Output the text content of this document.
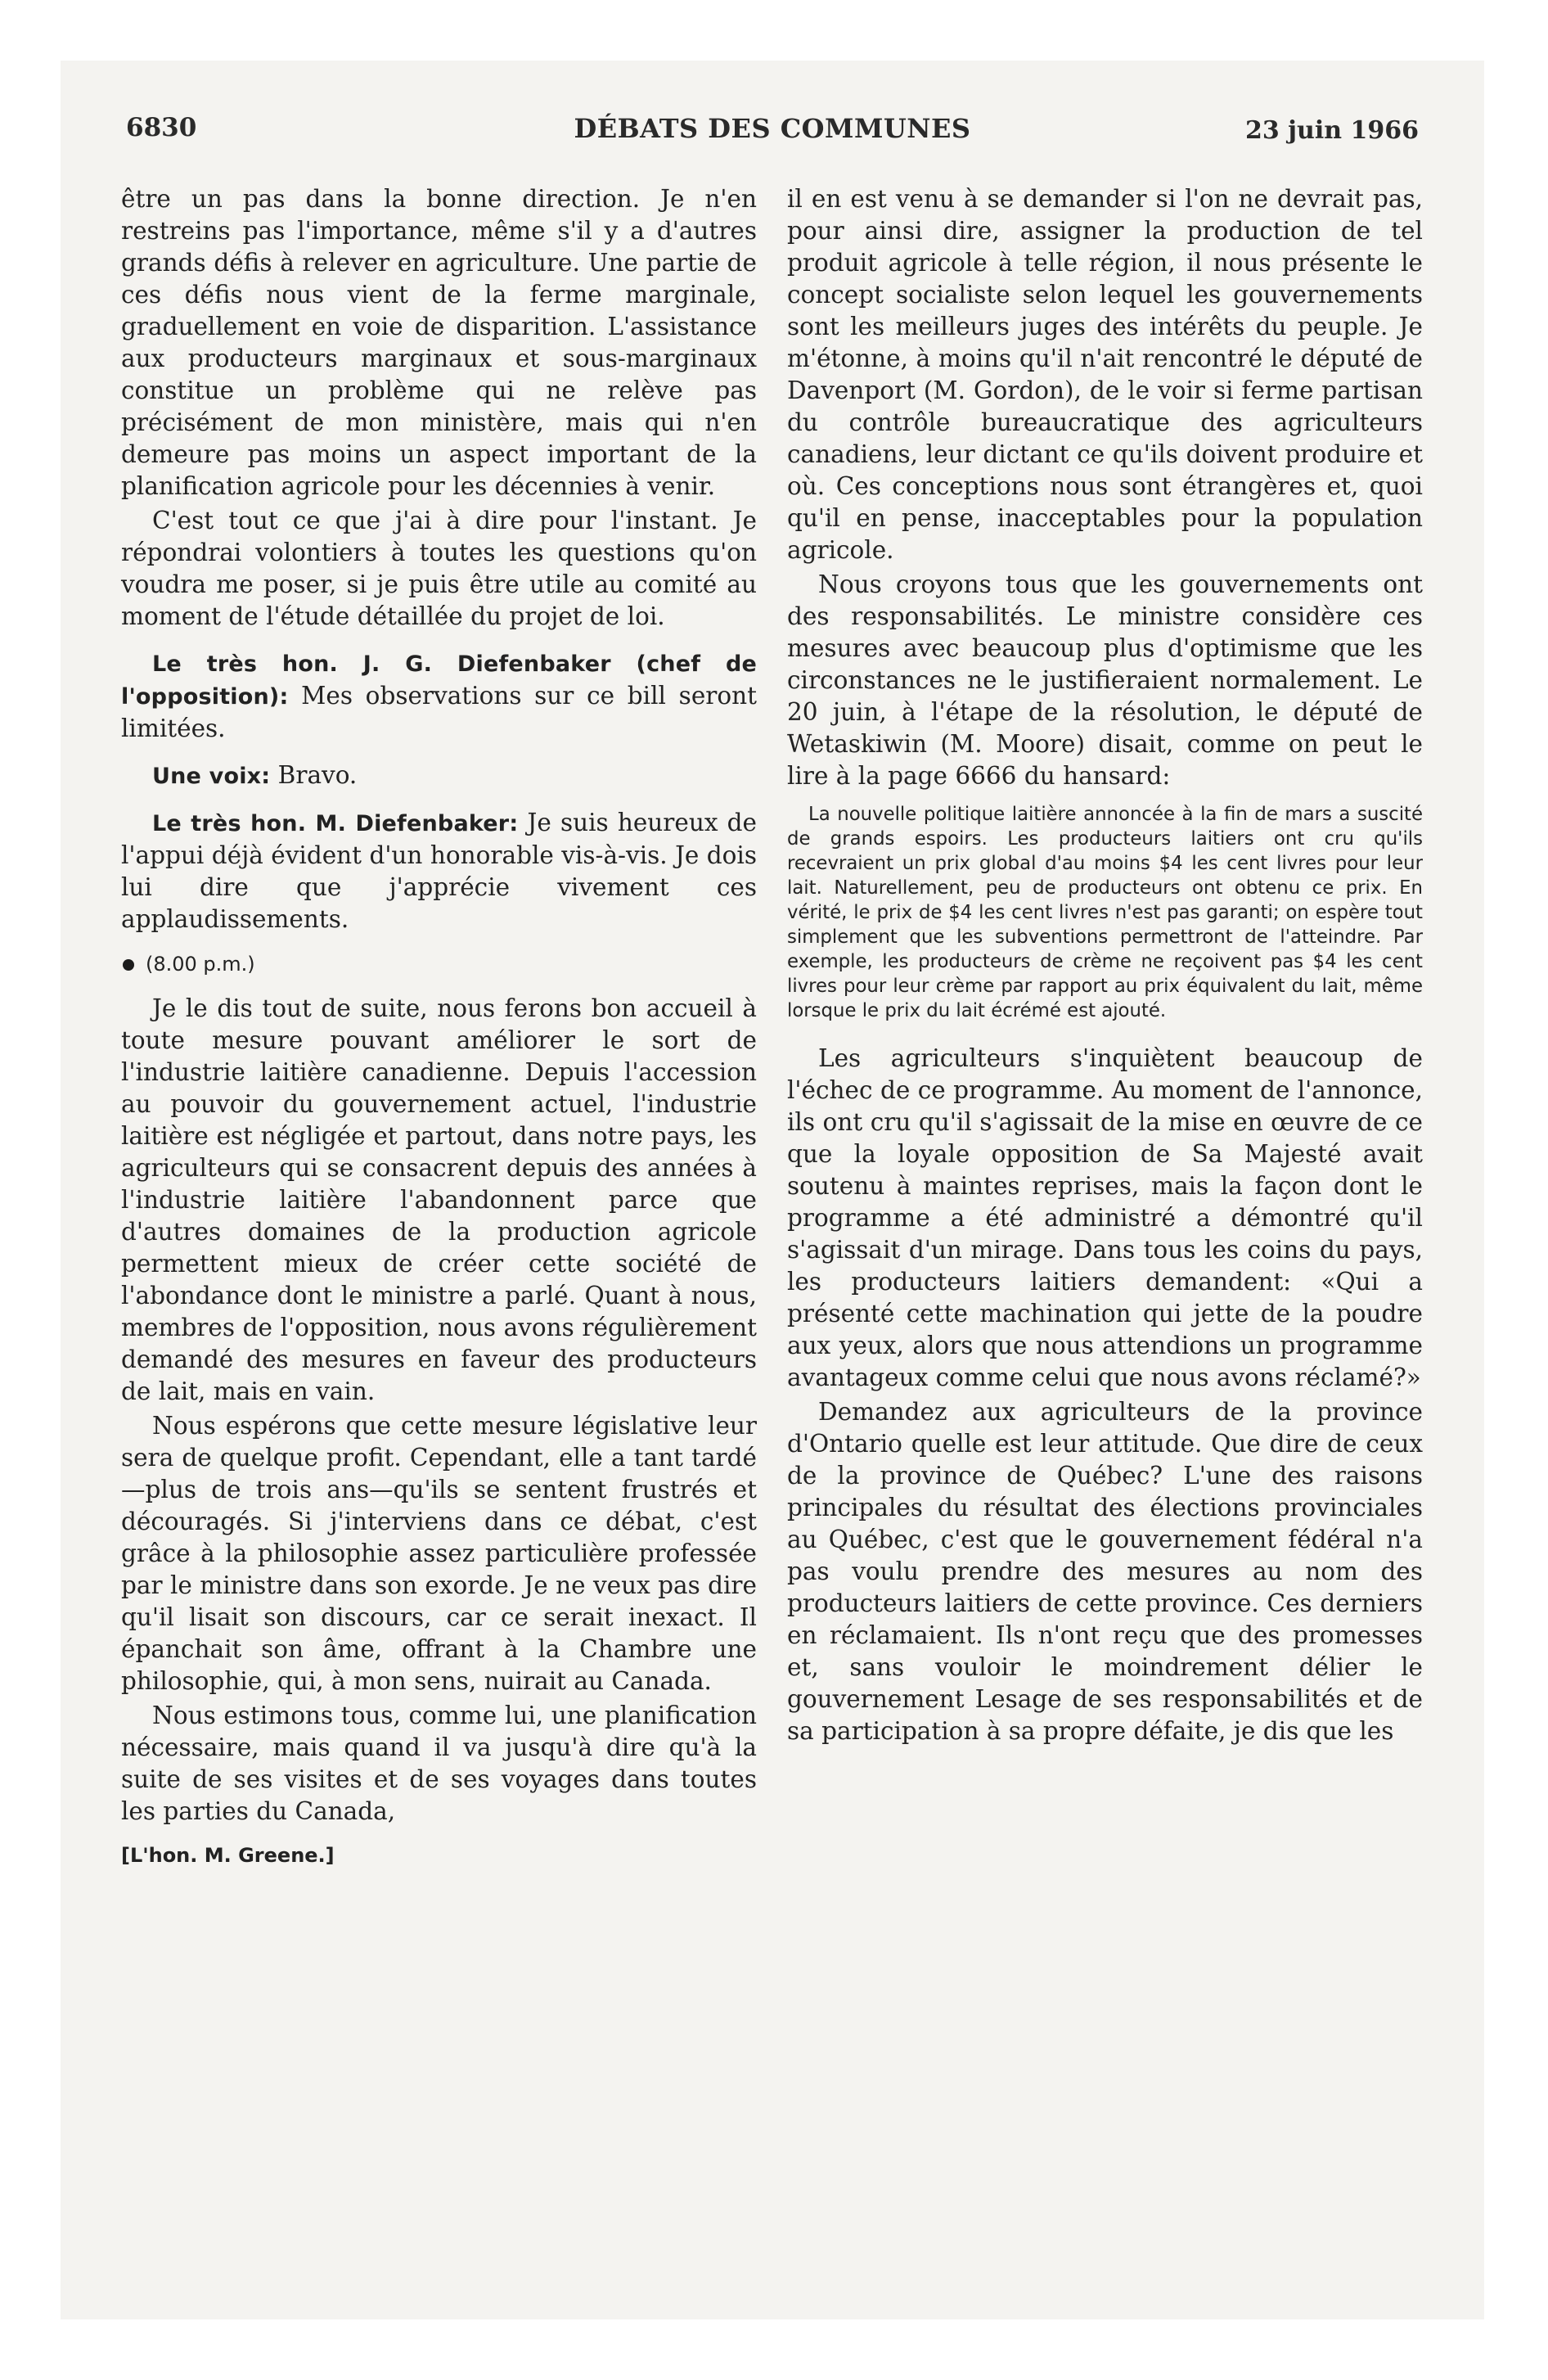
6830	DÉBATS DES COMMUNES	23 juin 1966

être un pas dans la bonne direction. Je n'en restreins pas l'importance, même s'il y a d'autres grands défis à relever en agriculture. Une partie de ces défis nous vient de la ferme marginale, graduellement en voie de disparition. L'assistance aux producteurs marginaux et sous-marginaux constitue un problème qui ne relève pas précisément de mon ministère, mais qui n'en demeure pas moins un aspect important de la planification agricole pour les décennies à venir.

C'est tout ce que j'ai à dire pour l'instant. Je répondrai volontiers à toutes les questions qu'on voudra me poser, si je puis être utile au comité au moment de l'étude détaillée du projet de loi.

Le très hon. J. G. Diefenbaker (chef de l'opposition): Mes observations sur ce bill seront limitées.

Une voix: Bravo.

Le très hon. M. Diefenbaker: Je suis heureux de l'appui déjà évident d'un honorable vis-à-vis. Je dois lui dire que j'apprécie vivement ces applaudissements.

(8.00 p.m.)

Je le dis tout de suite, nous ferons bon accueil à toute mesure pouvant améliorer le sort de l'industrie laitière canadienne. Depuis l'accession au pouvoir du gouvernement actuel, l'industrie laitière est négligée et partout, dans notre pays, les agriculteurs qui se consacrent depuis des années à l'industrie laitière l'abandonnent parce que d'autres domaines de la production agricole permettent mieux de créer cette société de l'abondance dont le ministre a parlé. Quant à nous, membres de l'opposition, nous avons régulièrement demandé des mesures en faveur des producteurs de lait, mais en vain.

Nous espérons que cette mesure législative leur sera de quelque profit. Cependant, elle a tant tardé—plus de trois ans—qu'ils se sentent frustrés et découragés. Si j'interviens dans ce débat, c'est grâce à la philosophie assez particulière professée par le ministre dans son exorde. Je ne veux pas dire qu'il lisait son discours, car ce serait inexact. Il épanchait son âme, offrant à la Chambre une philosophie, qui, à mon sens, nuirait au Canada.

Nous estimons tous, comme lui, une planification nécessaire, mais quand il va jusqu'à dire qu'à la suite de ses visites et de ses voyages dans toutes les parties du Canada,

[L'hon. M. Greene.]

il en est venu à se demander si l'on ne devrait pas, pour ainsi dire, assigner la production de tel produit agricole à telle région, il nous présente le concept socialiste selon lequel les gouvernements sont les meilleurs juges des intérêts du peuple. Je m'étonne, à moins qu'il n'ait rencontré le député de Davenport (M. Gordon), de le voir si ferme partisan du contrôle bureaucratique des agriculteurs canadiens, leur dictant ce qu'ils doivent produire et où. Ces conceptions nous sont étrangères et, quoi qu'il en pense, inacceptables pour la population agricole.

Nous croyons tous que les gouvernements ont des responsabilités. Le ministre considère ces mesures avec beaucoup plus d'optimisme que les circonstances ne le justifieraient normalement. Le 20 juin, à l'étape de la résolution, le député de Wetaskiwin (M. Moore) disait, comme on peut le lire à la page 6666 du hansard:

La nouvelle politique laitière annoncée à la fin de mars a suscité de grands espoirs. Les producteurs laitiers ont cru qu'ils recevraient un prix global d'au moins $4 les cent livres pour leur lait. Naturellement, peu de producteurs ont obtenu ce prix. En vérité, le prix de $4 les cent livres n'est pas garanti; on espère tout simplement que les subventions permettront de l'atteindre. Par exemple, les producteurs de crème ne reçoivent pas $4 les cent livres pour leur crème par rapport au prix équivalent du lait, même lorsque le prix du lait écrémé est ajouté.

Les agriculteurs s'inquiètent beaucoup de l'échec de ce programme. Au moment de l'annonce, ils ont cru qu'il s'agissait de la mise en œuvre de ce que la loyale opposition de Sa Majesté avait soutenu à maintes reprises, mais la façon dont le programme a été administré a démontré qu'il s'agissait d'un mirage. Dans tous les coins du pays, les producteurs laitiers demandent: «Qui a présenté cette machination qui jette de la poudre aux yeux, alors que nous attendions un programme avantageux comme celui que nous avons réclamé?»

Demandez aux agriculteurs de la province d'Ontario quelle est leur attitude. Que dire de ceux de la province de Québec? L'une des raisons principales du résultat des élections provinciales au Québec, c'est que le gouvernement fédéral n'a pas voulu prendre des mesures au nom des producteurs laitiers de cette province. Ces derniers en réclamaient. Ils n'ont reçu que des promesses et, sans vouloir le moindrement délier le gouvernement Lesage de ses responsabilités et de sa participation à sa propre défaite, je dis que les
